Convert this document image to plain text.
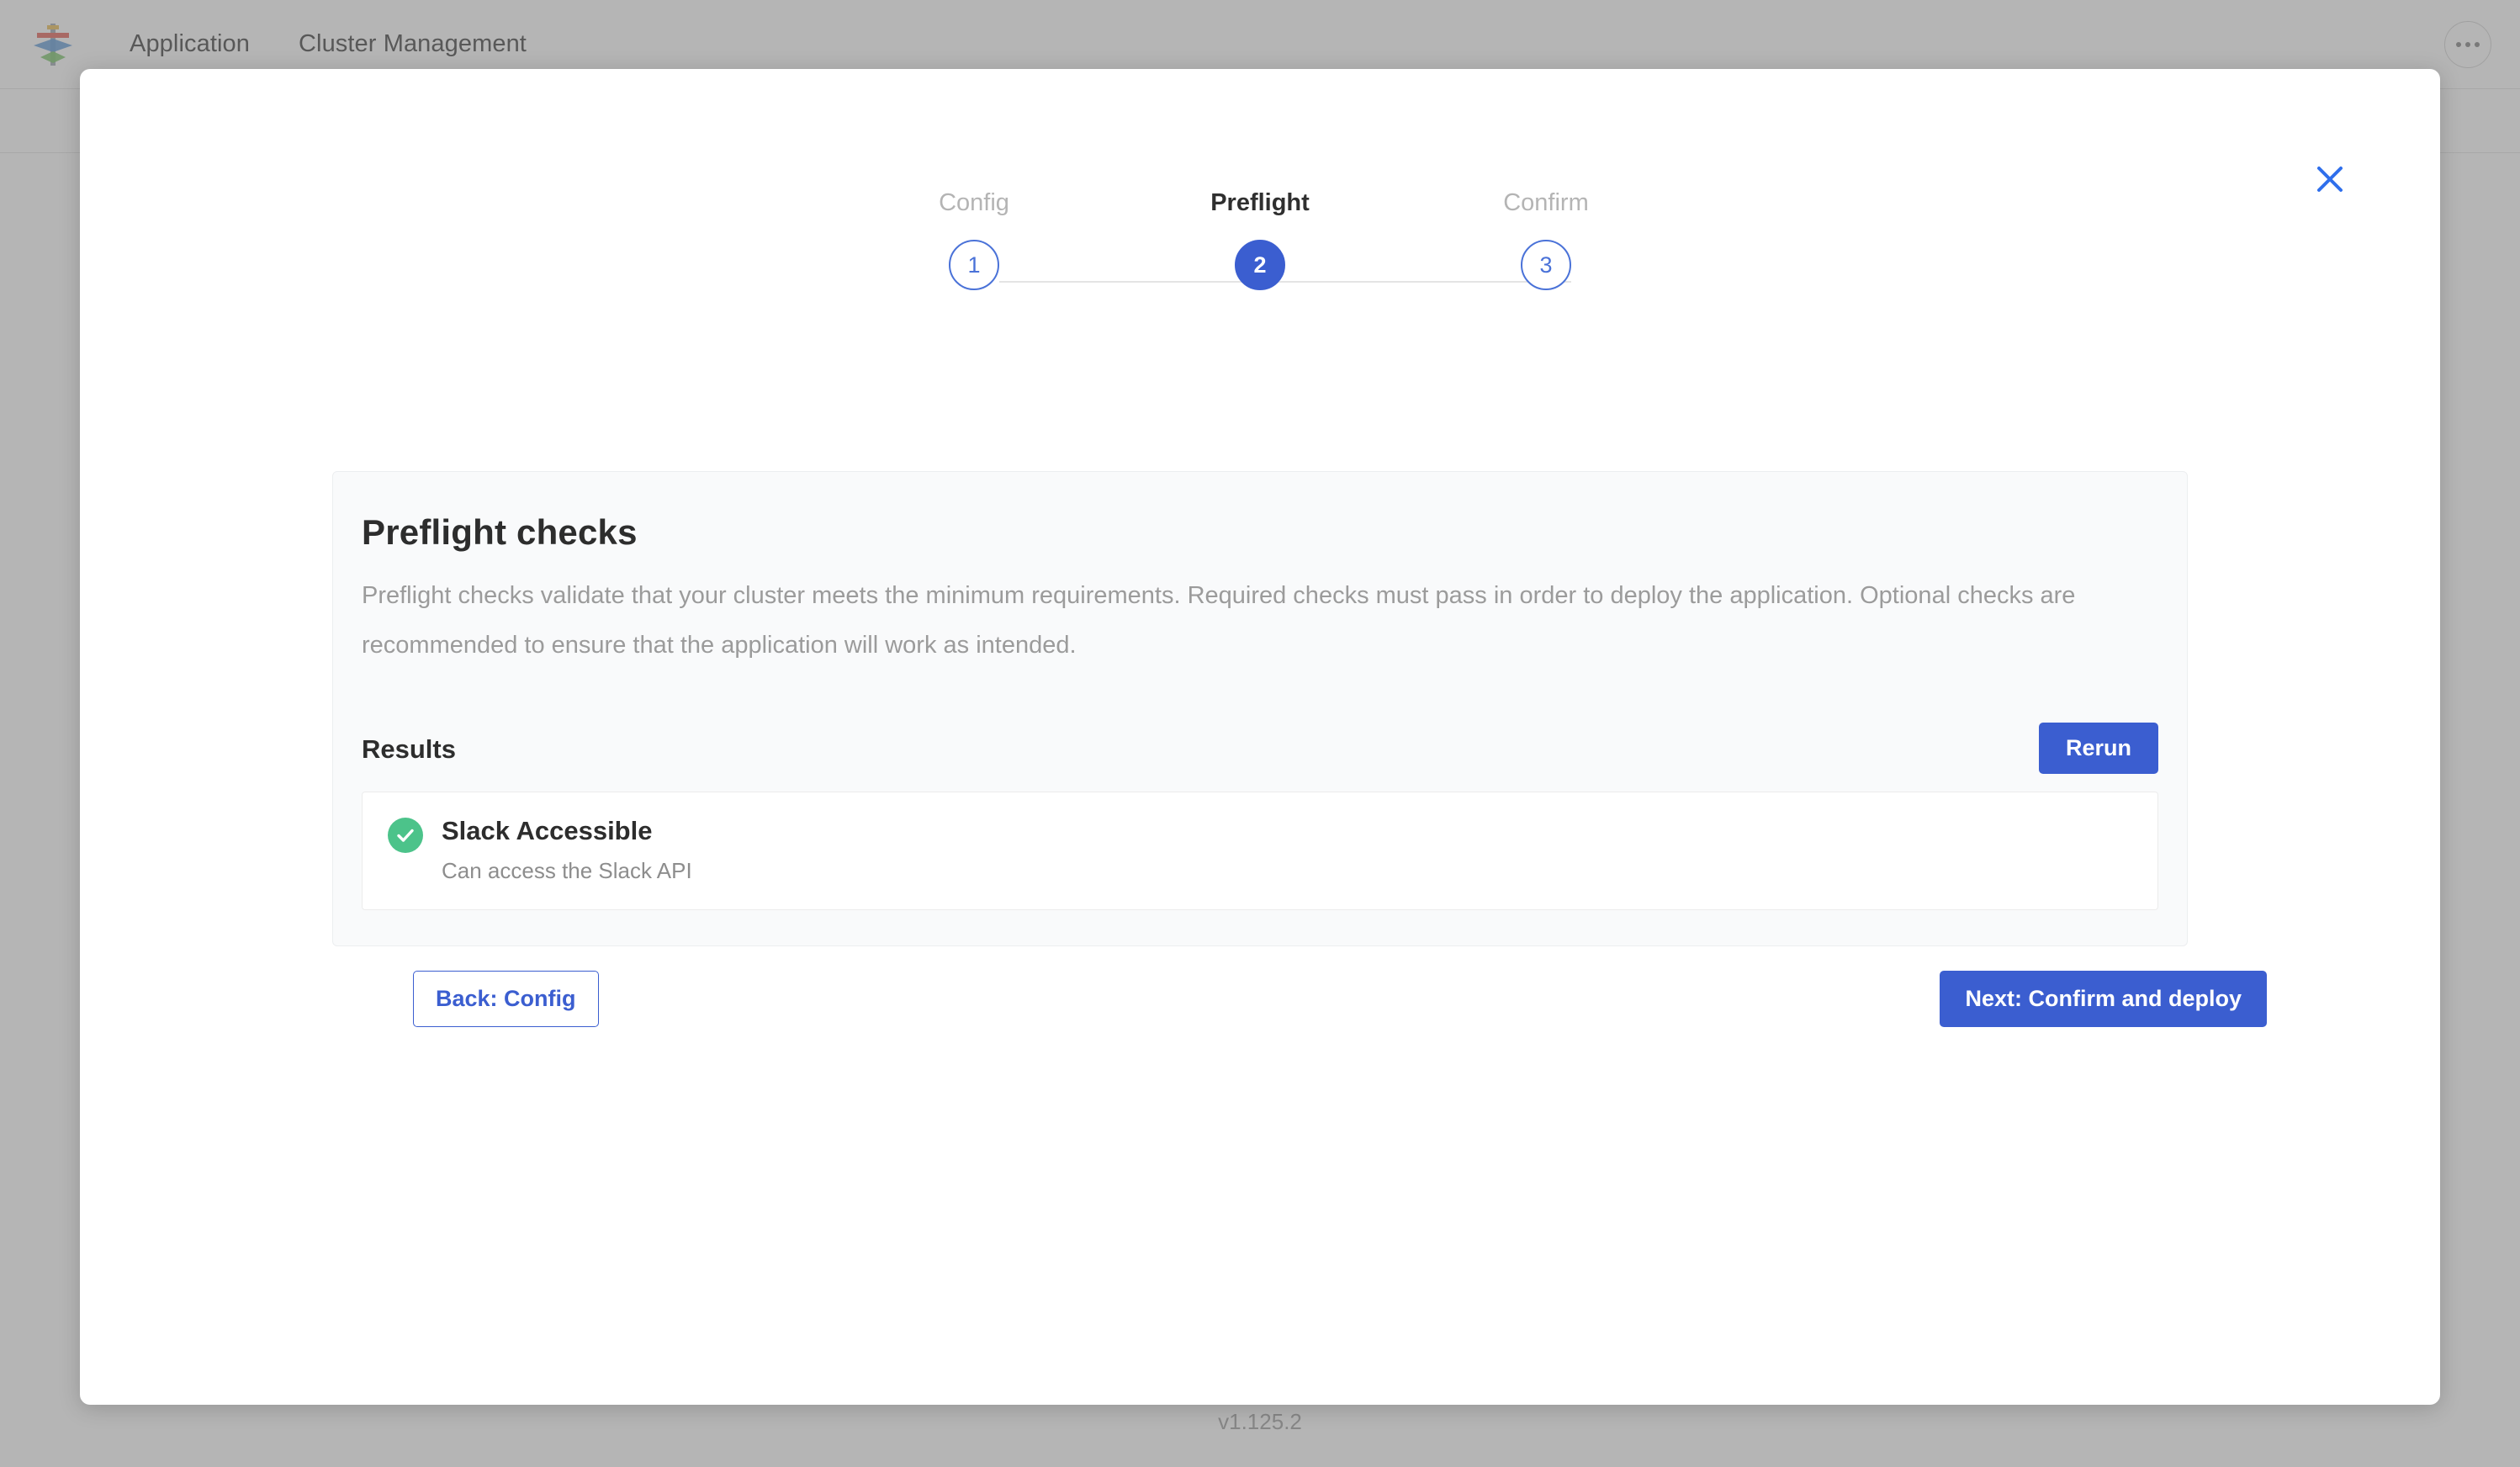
Config
1
Preflight
2
Confirm
3
Preflight checks
Preflight checks validate that your cluster meets the minimum requirements. Required checks must pass in order to deploy the application. Optional checks are recommended to ensure that the application will work as intended.
Results	Rerun
Slack Accessible
Can access the Slack API
Back: Config	Next: Confirm and deploy
